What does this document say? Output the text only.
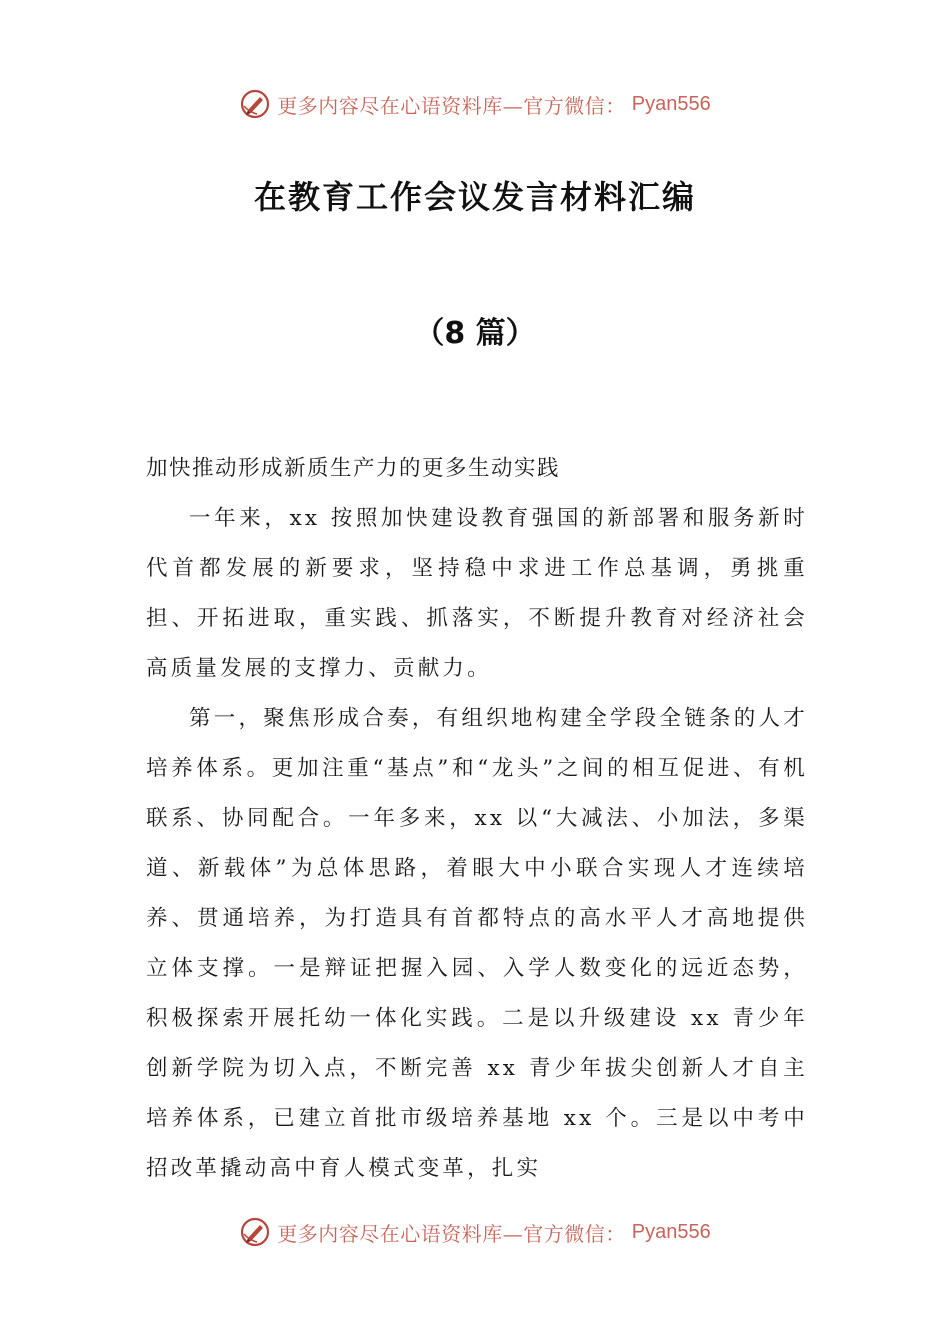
更多内容尽在心语资料库—官方微信： Pyan556
在教育工作会议发言材料汇编
（8 篇）

加快推动形成新质生产力的更多生动实践

一年来，xx 按照加快建设教育强国的新部署和服务新时代首都发展的新要求，坚持稳中求进工作总基调，勇挑重担、开拓进取，重实践、抓落实，不断提升教育对经济社会高质量发展的支撑力、贡献力。

第一，聚焦形成合奏，有组织地构建全学段全链条的人才培养体系。更加注重“基点”和“龙头”之间的相互促进、有机联系、协同配合。一年多来，xx 以“大减法、小加法，多渠道、新载体”为总体思路，着眼大中小联合实现人才连续培养、贯通培养，为打造具有首都特点的高水平人才高地提供立体支撑。一是辩证把握入园、入学人数变化的远近态势，积极探索开展托幼一体化实践。二是以升级建设 xx 青少年创新学院为切入点，不断完善 xx 青少年拔尖创新人才自主培养体系，已建立首批市级培养基地 xx 个。三是以中考中招改革撬动高中育人模式变革，扎实

更多内容尽在心语资料库—官方微信： Pyan556
